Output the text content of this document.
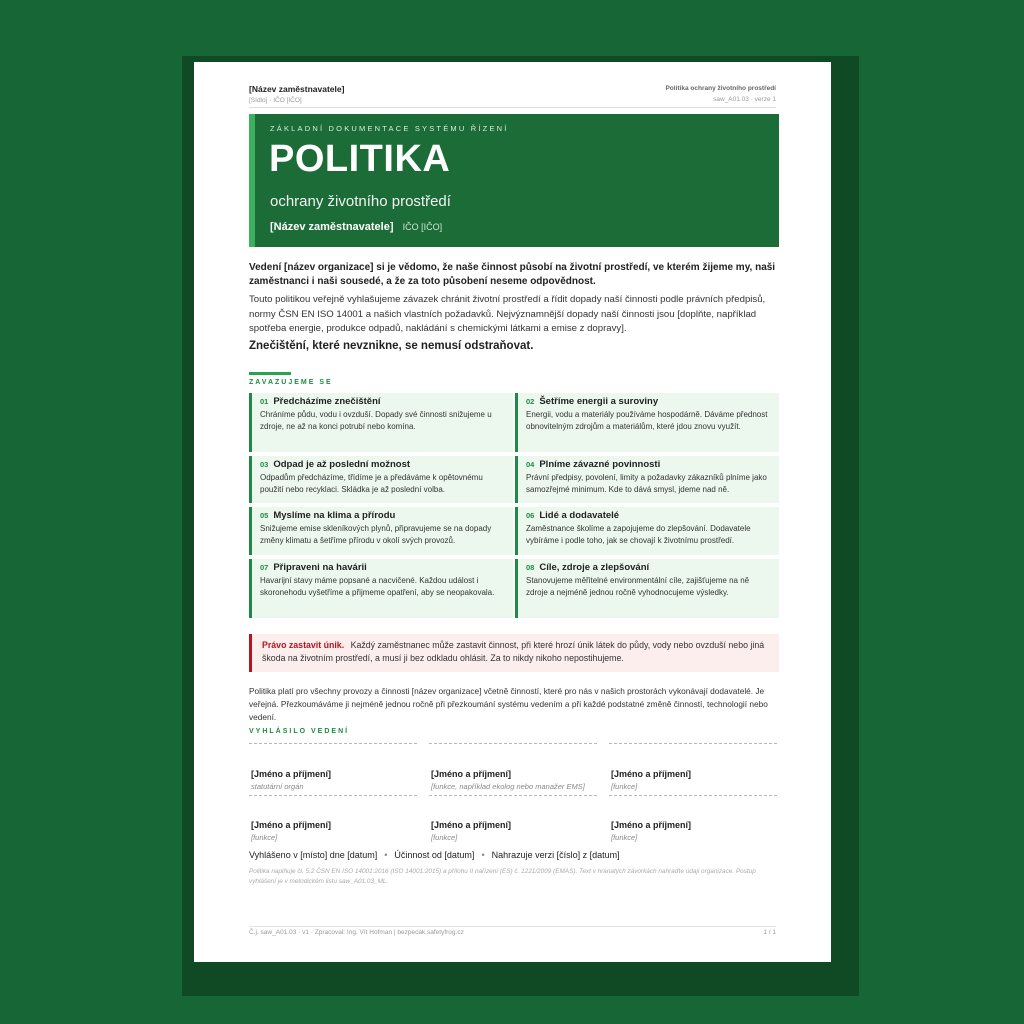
[Název zaměstnavatele]
[Sídlo] · IČO [IČO]
Politika ochrany životního prostředí
saw_A01.03 · verze 1
ZÁKLADNÍ DOKUMENTACE SYSTÉMU ŘÍZENÍ
POLITIKA
ochrany životního prostředí
[Název zaměstnavatele] IČO [IČO]
Vedení [název organizace] si je vědomo, že naše činnost působí na životní prostředí, ve kterém žijeme my, naši zaměstnanci i naši sousedé, a že za toto působení neseme odpovědnost.
Touto politikou veřejně vyhlašujeme závazek chránit životní prostředí a řídit dopady naší činnosti podle právních předpisů, normy ČSN EN ISO 14001 a našich vlastních požadavků. Nejvýznamnější dopady naší činnosti jsou [doplňte, například spotřeba energie, produkce odpadů, nakládání s chemickými látkami a emise z dopravy].
Znečištění, které nevznikne, se nemusí odstraňovat.
ZAVAZUJEME SE
01 Předcházíme znečištění
Chráníme půdu, vodu i ovzduší. Dopady své činnosti snižujeme u zdroje, ne až na konci potrubí nebo komína.
02 Šetříme energii a suroviny
Energii, vodu a materiály používáme hospodárně. Dáváme přednost obnovitelným zdrojům a materiálům, které jdou znovu využít.
03 Odpad je až poslední možnost
Odpadům předcházíme, třídíme je a předáváme k opětovnému použití nebo recyklaci. Skládka je až poslední volba.
04 Plníme závazné povinnosti
Právní předpisy, povolení, limity a požadavky zákazníků plníme jako samozřejmé minimum. Kde to dává smysl, jdeme nad ně.
05 Myslíme na klima a přírodu
Snižujeme emise skleníkových plynů, připravujeme se na dopady změny klimatu a šetříme přírodu v okolí svých provozů.
06 Lidé a dodavatelé
Zaměstnance školíme a zapojujeme do zlepšování. Dodavatele vybíráme i podle toho, jak se chovají k životnímu prostředí.
07 Připraveni na havárii
Havarijní stavy máme popsané a nacvičené. Každou událost i skoronehodu vyšetříme a přijmeme opatření, aby se neopakovala.
08 Cíle, zdroje a zlepšování
Stanovujeme měřitelné environmentální cíle, zajišťujeme na ně zdroje a nejméně jednou ročně vyhodnocujeme výsledky.
Právo zastavit únik. Každý zaměstnanec může zastavit činnost, při které hrozí únik látek do půdy, vody nebo ovzduší nebo jiná škoda na životním prostředí, a musí ji bez odkladu ohlásit. Za to nikdy nikoho nepostihujeme.
Politika platí pro všechny provozy a činnosti [název organizace] včetně činností, které pro nás v našich prostorách vykonávají dodavatelé. Je veřejná. Přezkoumáváme ji nejméně jednou ročně při přezkoumání systému vedením a při každé podstatné změně činností, technologií nebo vedení.
VYHLÁSILO VEDENÍ
[Jméno a příjmení]
statutární orgán
[Jméno a příjmení]
[funkce, například ekolog nebo manažer EMS]
[Jméno a příjmení]
[funkce]
[Jméno a příjmení]
[funkce]
[Jméno a příjmení]
[funkce]
[Jméno a příjmení]
[funkce]
Vyhlášeno v [místo] dne [datum] • Účinnost od [datum] • Nahrazuje verzi [číslo] z [datum]
Politika naplňuje čl. 5.2 ČSN EN ISO 14001:2016 (ISO 14001:2015) a přílohu II nařízení (ES) č. 1221/2009 (EMAS). Text v hranatých závorkách nahraďte údaji organizace. Postup vyhlášení je v metodickém listu saw_A01.03_ML.
Č.j. saw_A01.03 · v1 · Zpracoval: Ing. Vít Hofman | bezpecak.safetyfrog.cz	1 / 1
